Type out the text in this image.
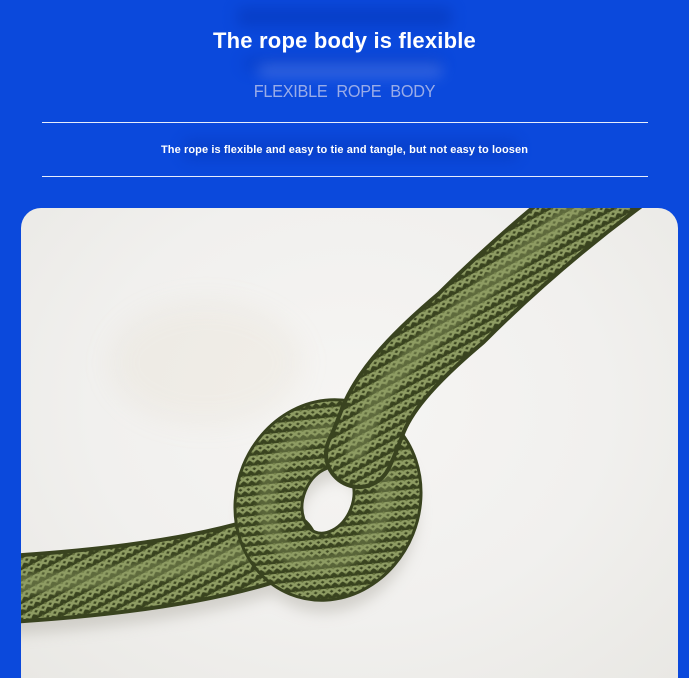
The rope body is flexible
FLEXIBLE ROPE BODY

The rope is flexible and easy to tie and tangle, but not easy to loosen
